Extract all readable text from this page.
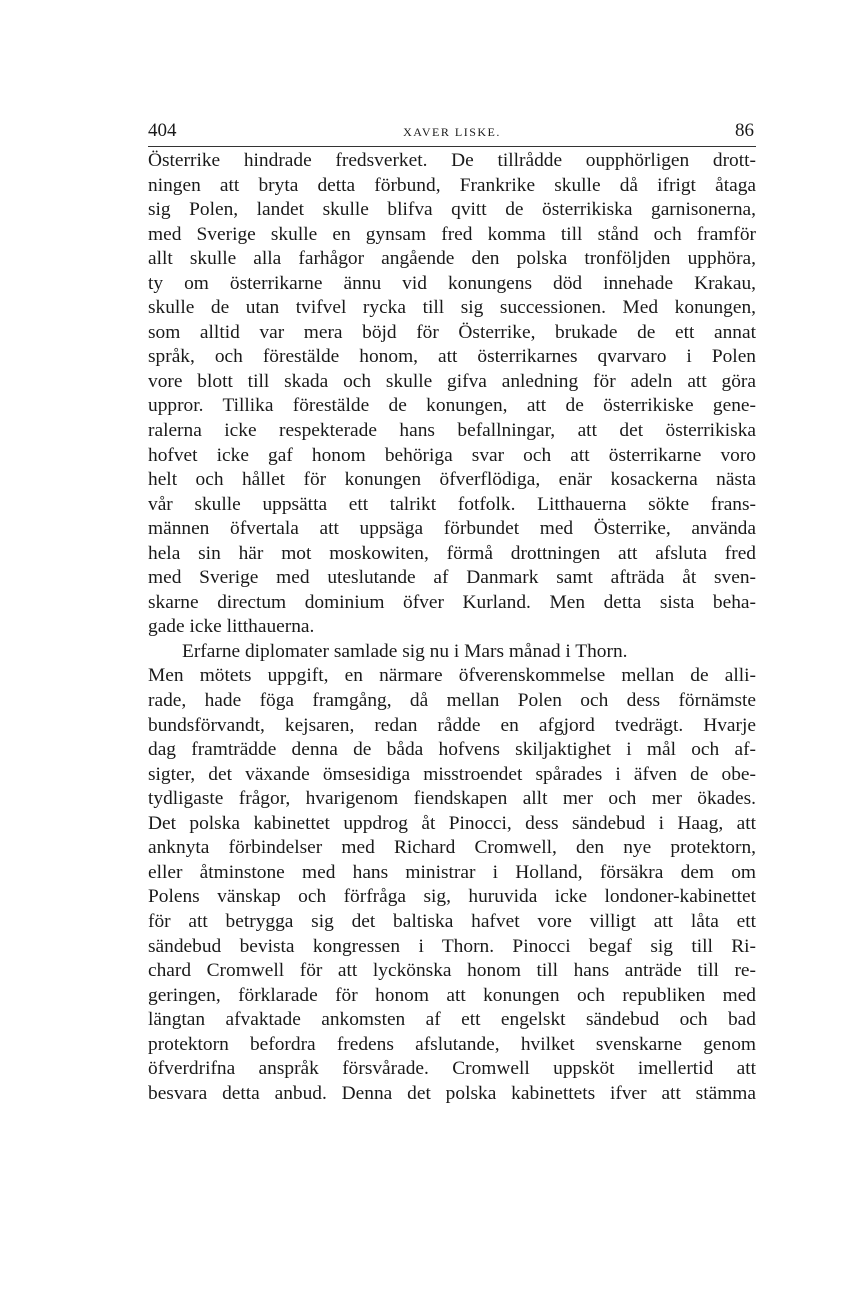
404	XAVER LISKE.	86
Österrike hindrade fredsverket. De tillrådde oupphörligen drott-
ningen att bryta detta förbund, Frankrike skulle då ifrigt åtaga
sig Polen, landet skulle blifva qvitt de österrikiska garnisonerna,
med Sverige skulle en gynsam fred komma till stånd och framför
allt skulle alla farhågor angående den polska tronföljden upphöra,
ty om österrikarne ännu vid konungens död innehade Krakau,
skulle de utan tvifvel rycka till sig successionen. Med konungen,
som alltid var mera böjd för Österrike, brukade de ett annat
språk, och förestälde honom, att österrikarnes qvarvaro i Polen
vore blott till skada och skulle gifva anledning för adeln att göra
uppror. Tillika förestälde de konungen, att de österrikiske gene-
ralerna icke respekterade hans befallningar, att det österrikiska
hofvet icke gaf honom behöriga svar och att österrikarne voro
helt och hållet för konungen öfverflödiga, enär kosackerna nästa
vår skulle uppsätta ett talrikt fotfolk. Litthauerna sökte frans-
männen öfvertala att uppsäga förbundet med Österrike, använda
hela sin här mot moskowiten, förmå drottningen att afsluta fred
med Sverige med uteslutande af Danmark samt afträda åt sven-
skarne directum dominium öfver Kurland. Men detta sista beha-
gade icke litthauerna.
Erfarne diplomater samlade sig nu i Mars månad i Thorn.
Men mötets uppgift, en närmare öfverenskommelse mellan de alli-
rade, hade föga framgång, då mellan Polen och dess förnämste
bundsförvandt, kejsaren, redan rådde en afgjord tvedrägt. Hvarje
dag framträdde denna de båda hofvens skiljaktighet i mål och af-
sigter, det växande ömsesidiga misstroendet spårades i äfven de obe-
tydligaste frågor, hvarigenom fiendskapen allt mer och mer ökades.
Det polska kabinettet uppdrog åt Pinocci, dess sändebud i Haag, att
anknyta förbindelser med Richard Cromwell, den nye protektorn,
eller åtminstone med hans ministrar i Holland, försäkra dem om
Polens vänskap och förfråga sig, huruvida icke londoner-kabinettet
för att betrygga sig det baltiska hafvet vore villigt att låta ett
sändebud bevista kongressen i Thorn. Pinocci begaf sig till Ri-
chard Cromwell för att lyckönska honom till hans anträde till re-
geringen, förklarade för honom att konungen och republiken med
längtan afvaktade ankomsten af ett engelskt sändebud och bad
protektorn befordra fredens afslutande, hvilket svenskarne genom
öfverdrifna anspråk försvårade. Cromwell uppsköt imellertid att
besvara detta anbud. Denna det polska kabinettets ifver att stämma
